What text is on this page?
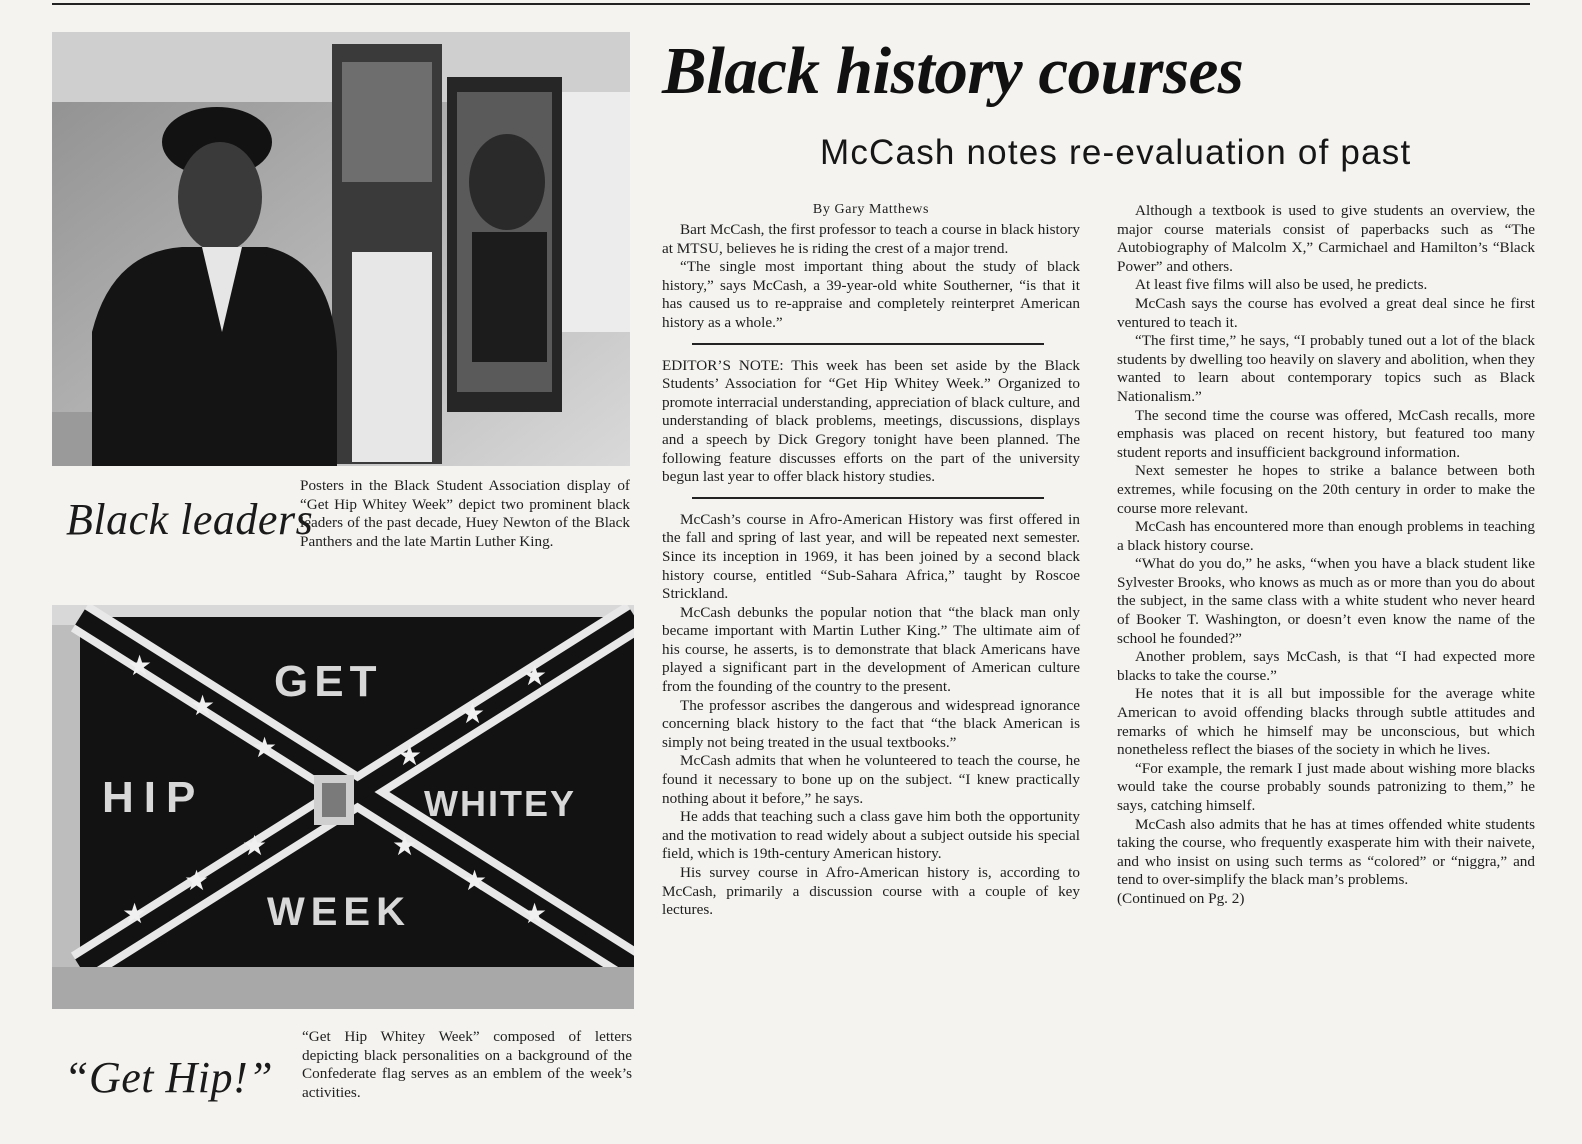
Black leaders
Posters in the Black Student Association display of “Get Hip Whitey Week” depict two prominent black leaders of the past decade, Huey Newton of the Black Panthers and the late Martin Luther King.
★
★
★
★
★
★
★
★
★
★
★
★
GET
HIP	WHITEY
WEEK
“Get Hip!”
“Get Hip Whitey Week” composed of letters depicting black personalities on a background of the Confederate flag serves as an emblem of the week’s activities.
Black history courses
McCash notes re-evaluation of past
By Gary Matthews

Bart McCash, the first professor to teach a course in black history at MTSU, believes he is riding the crest of a major trend.

“The single most important thing about the study of black history,” says McCash, a 39-year-old white Southerner, “is that it has caused us to re-appraise and completely reinterpret American history as a whole.”

EDITOR’S NOTE: This week has been set aside by the Black Students’ Association for “Get Hip Whitey Week.” Organized to promote interracial understanding, appreciation of black culture, and understanding of black problems, meetings, discussions, displays and a speech by Dick Gregory tonight have been planned. The following feature discusses efforts on the part of the university begun last year to offer black history studies.

McCash’s course in Afro-American History was first offered in the fall and spring of last year, and will be repeated next semester. Since its inception in 1969, it has been joined by a second black history course, entitled “Sub-Sahara Africa,” taught by Roscoe Strickland.

McCash debunks the popular notion that “the black man only became important with Martin Luther King.” The ultimate aim of his course, he asserts, is to demonstrate that black Americans have played a significant part in the development of American culture from the founding of the country to the present.

The professor ascribes the dangerous and widespread ignorance concerning black history to the fact that “the black American is simply not being treated in the usual textbooks.”

McCash admits that when he volunteered to teach the course, he found it necessary to bone up on the subject. “I knew practically nothing about it before,” he says.

He adds that teaching such a class gave him both the opportunity and the motivation to read widely about a subject outside his special field, which is 19th-century American history.

His survey course in Afro-American history is, according to McCash, primarily a discussion course with a couple of key lectures.

Although a textbook is used to give students an overview, the major course materials consist of paperbacks such as “The Autobiography of Malcolm X,” Carmichael and Hamilton’s “Black Power” and others.

At least five films will also be used, he predicts.

McCash says the course has evolved a great deal since he first ventured to teach it.

“The first time,” he says, “I probably tuned out a lot of the black students by dwelling too heavily on slavery and abolition, when they wanted to learn about contemporary topics such as Black Nationalism.”

The second time the course was offered, McCash recalls, more emphasis was placed on recent history, but featured too many student reports and insufficient background information.

Next semester he hopes to strike a balance between both extremes, while focusing on the 20th century in order to make the course more relevant.

McCash has encountered more than enough problems in teaching a black history course.

“What do you do,” he asks, “when you have a black student like Sylvester Brooks, who knows as much as or more than you do about the subject, in the same class with a white student who never heard of Booker T. Washington, or doesn’t even know the name of the school he founded?”

Another problem, says McCash, is that “I had expected more blacks to take the course.”

He notes that it is all but impossible for the average white American to avoid offending blacks through subtle attitudes and remarks of which he himself may be unconscious, but which nonetheless reflect the biases of the society in which he lives.

“For example, the remark I just made about wishing more blacks would take the course probably sounds patronizing to them,” he says, catching himself.

McCash also admits that he has at times offended white students taking the course, who frequently exasperate him with their naivete, and who insist on using such terms as “colored” or “niggra,” and tend to over-simplify the black man’s problems.

(Continued on Pg. 2)
